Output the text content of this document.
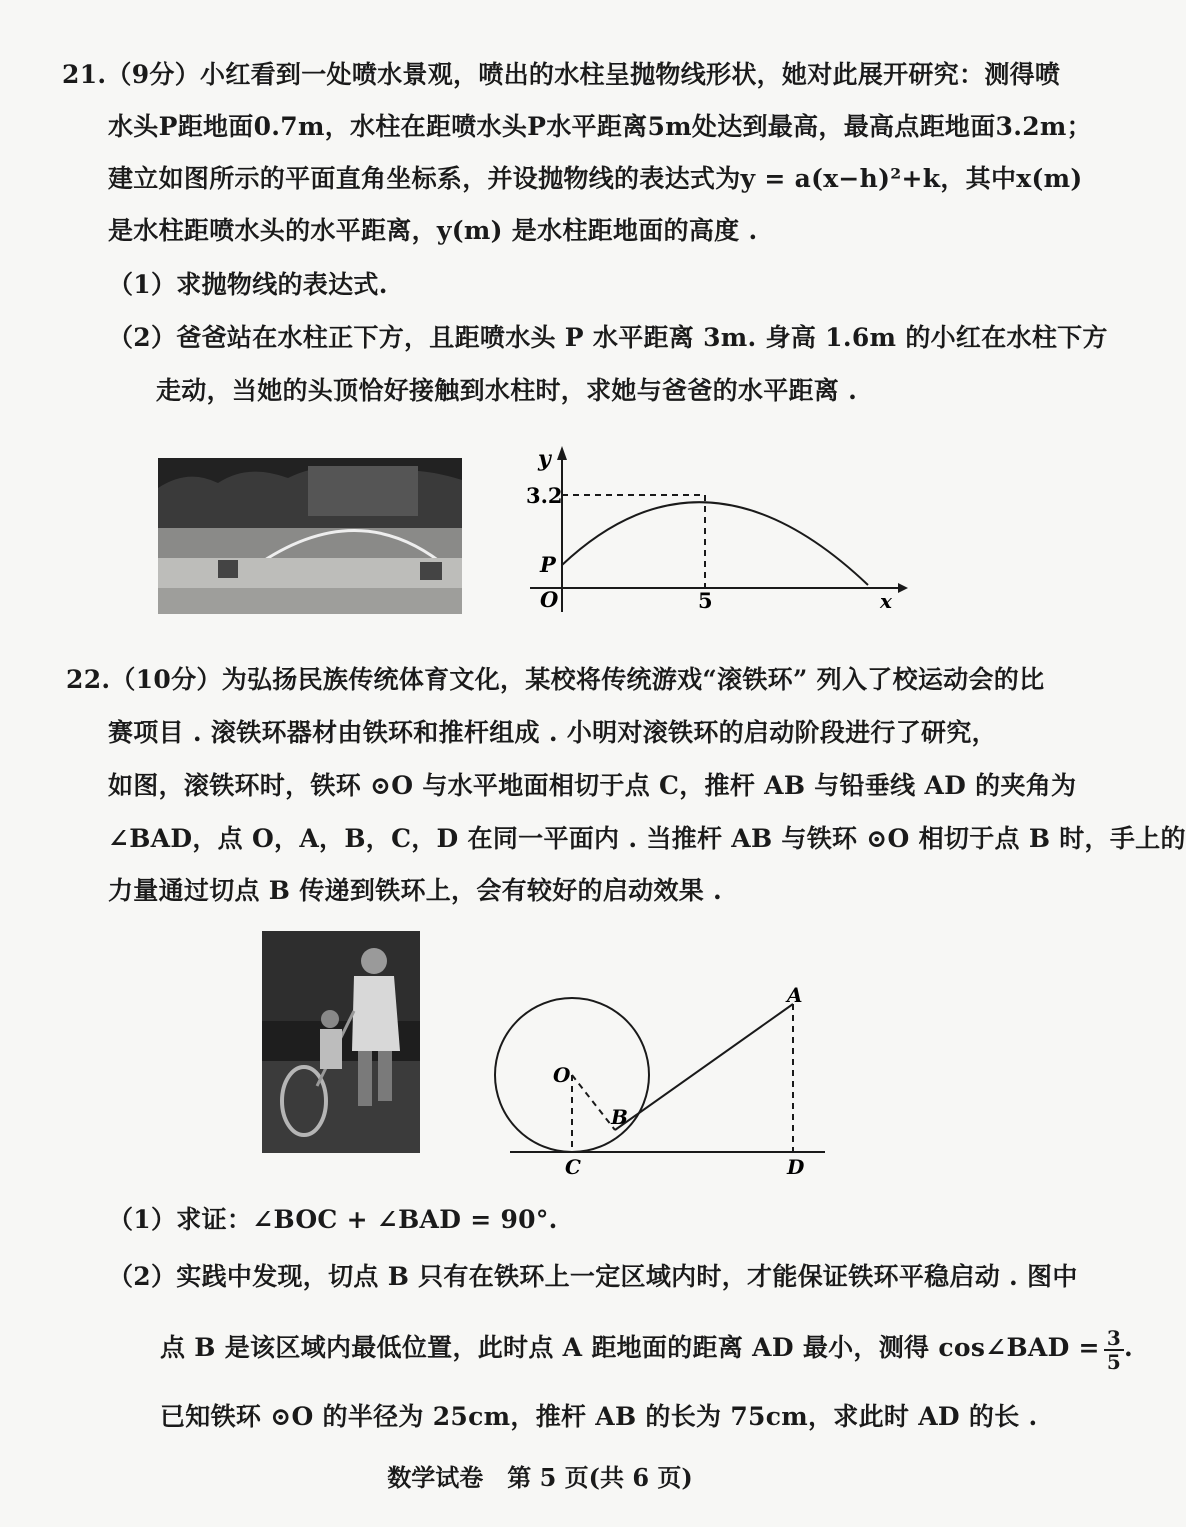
21.（9分）小红看到一处喷水景观，喷出的水柱呈抛物线形状，她对此展开研究：测得喷
水头P距地面0.7m，水柱在距喷水头P水平距离5m处达到最高，最高点距地面3.2m；
建立如图所示的平面直角坐标系，并设抛物线的表达式为y = a(x−h)²+k，其中x(m)
是水柱距喷水头的水平距离，y(m) 是水柱距地面的高度 .
（1）求抛物线的表达式.
（2）爸爸站在水柱正下方，且距喷水头 P 水平距离 3m. 身高 1.6m 的小红在水柱下方
走动，当她的头顶恰好接触到水柱时，求她与爸爸的水平距离 .
y
3.2
P
O	5	x
22.（10分）为弘扬民族传统体育文化，某校将传统游戏“滚铁环” 列入了校运动会的比
赛项目 . 滚铁环器材由铁环和推杆组成 . 小明对滚铁环的启动阶段进行了研究，
如图，滚铁环时，铁环 ⊙O 与水平地面相切于点 C，推杆 AB 与铅垂线 AD 的夹角为
∠BAD，点 O，A，B，C，D 在同一平面内 . 当推杆 AB 与铁环 ⊙O 相切于点 B 时，手上的
力量通过切点 B 传递到铁环上，会有较好的启动效果 .
O
B
C
A
D
（1）求证：∠BOC + ∠BAD = 90°.
（2）实践中发现，切点 B 只有在铁环上一定区域内时，才能保证铁环平稳启动 . 图中
点 B 是该区域内最低位置，此时点 A 距地面的距离 AD 最小，测得 cos∠BAD = $\frac{3}{5}$ .
已知铁环 ⊙O 的半径为 25cm，推杆 AB 的长为 75cm，求此时 AD 的长 .
数学试卷　第 5 页(共 6 页)
